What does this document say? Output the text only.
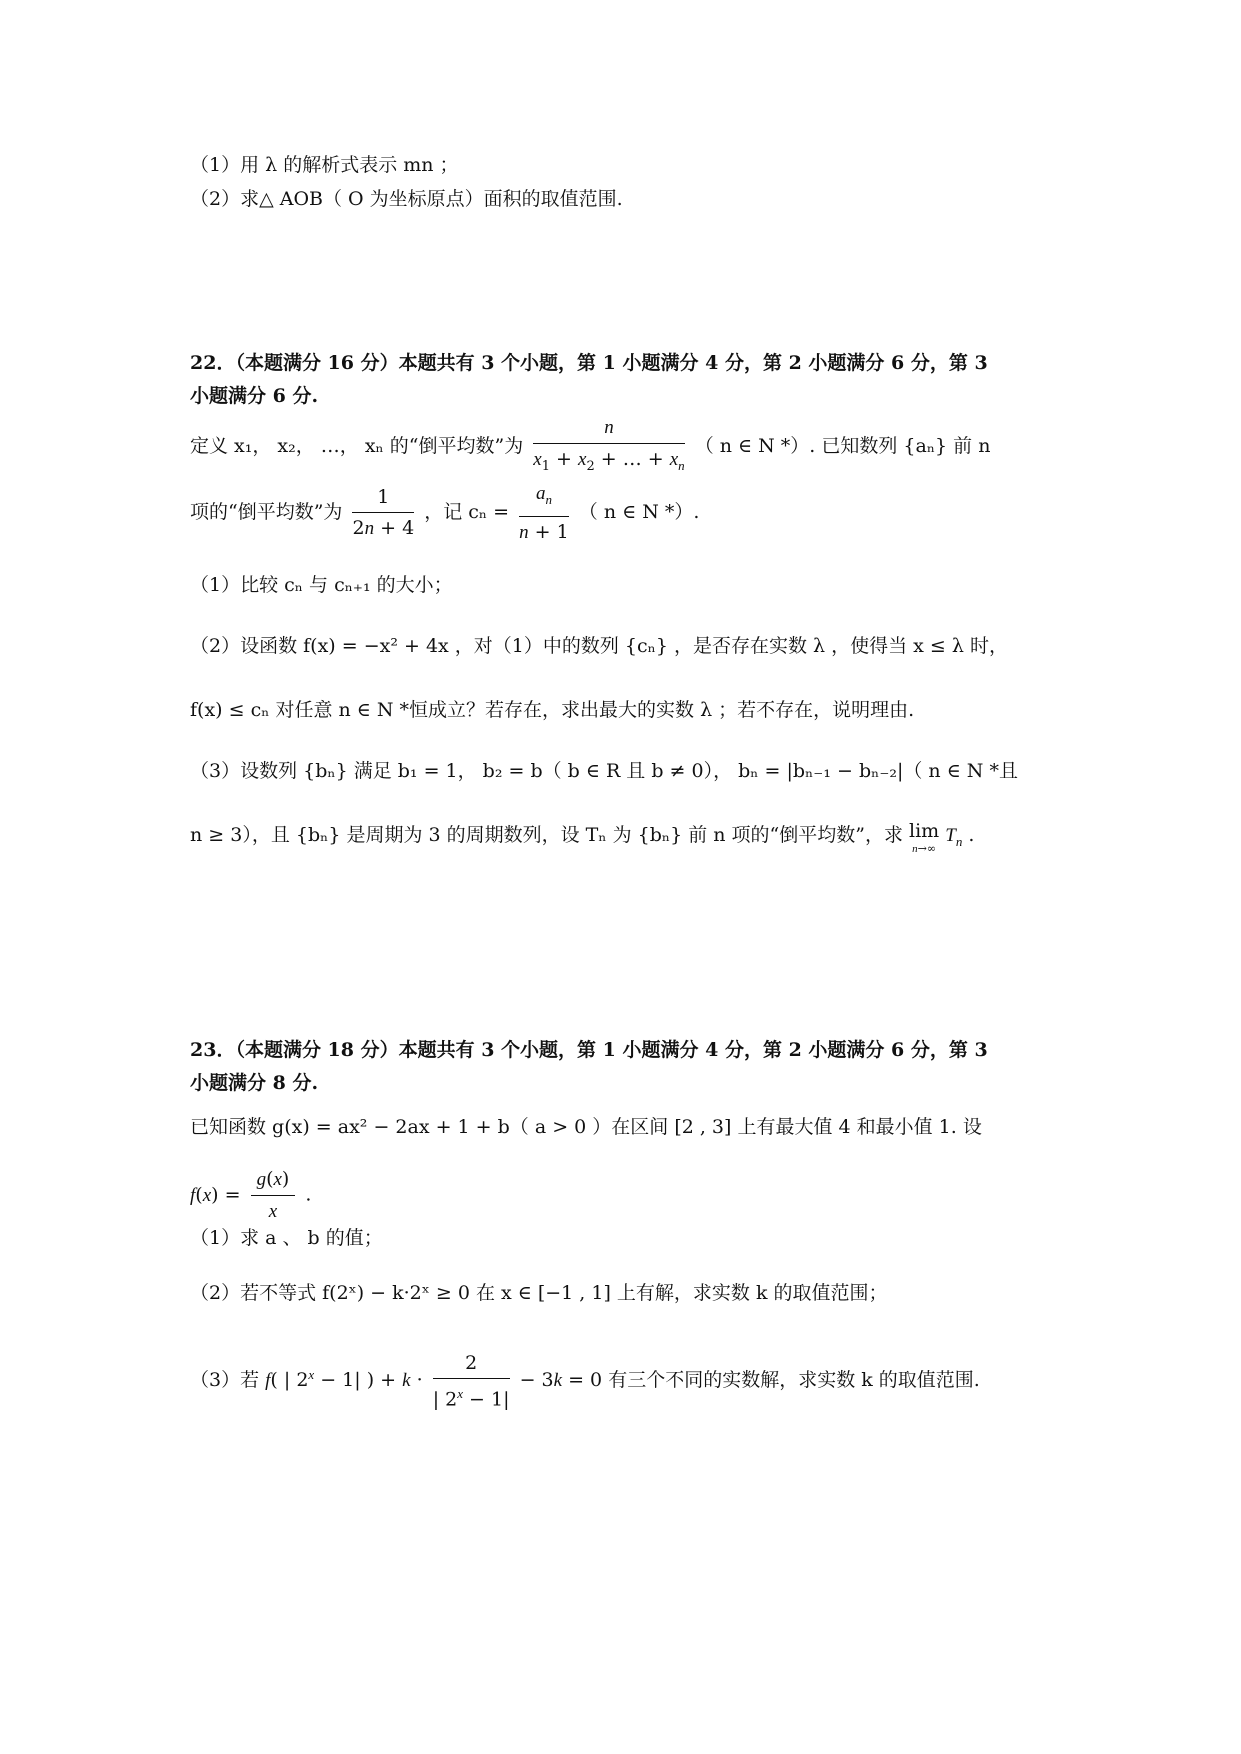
（1）用 λ 的解析式表示 mn ；
（2）求△ AOB（ O 为坐标原点）面积的取值范围.
22．（本题满分 16 分）本题共有 3 个小题，第 1 小题满分 4 分，第 2 小题满分 6 分，第 3
小题满分 6 分.
定义 x₁， x₂， …， xₙ 的“倒平均数”为 $\frac{n}{x_1 + x_2 + \dots + x_n}$ （ n ∈ N *）. 已知数列 {aₙ} 前 n
项的“倒平均数”为 $\frac{1}{2n + 4}$ ，记 $c_n = \frac{a_n}{n + 1}$ （ n ∈ N *）.
（1）比较 cₙ 与 cₙ₊₁ 的大小；
（2）设函数 f(x) = −x² + 4x ，对（1）中的数列 {cₙ} ，是否存在实数 λ ，使得当 x ≤ λ 时，
f(x) ≤ cₙ 对任意 n ∈ N *恒成立？若存在，求出最大的实数 λ ；若不存在，说明理由.
（3）设数列 {bₙ} 满足 b₁ = 1， b₂ = b（ b ∈ R 且 b ≠ 0）， bₙ = |bₙ₋₁ − bₙ₋₂|（ n ∈ N *且
n ≥ 3），且 {bₙ} 是周期为 3 的周期数列，设 Tₙ 为 {bₙ} 前 n 项的“倒平均数”，求 lim
n→∞
$T_n$ .
23．（本题满分 18 分）本题共有 3 个小题，第 1 小题满分 4 分，第 2 小题满分 6 分，第 3
小题满分 8 分.
已知函数 g(x) = ax² − 2ax + 1 + b（ a > 0 ）在区间 [2 , 3] 上有最大值 4 和最小值 1. 设
$f(x) = \frac{g(x)}{x}$ .
（1）求 a 、 b 的值；
（2）若不等式 f(2ˣ) − k·2ˣ ≥ 0 在 x ∈ [−1 , 1] 上有解，求实数 k 的取值范围；
（3）若 f( | $2^x - 1|$ ) + $k \cdot \frac{2}{| 2^x - 1|} - 3k = 0$ 有三个不同的实数解，求实数 k 的取值范围.
